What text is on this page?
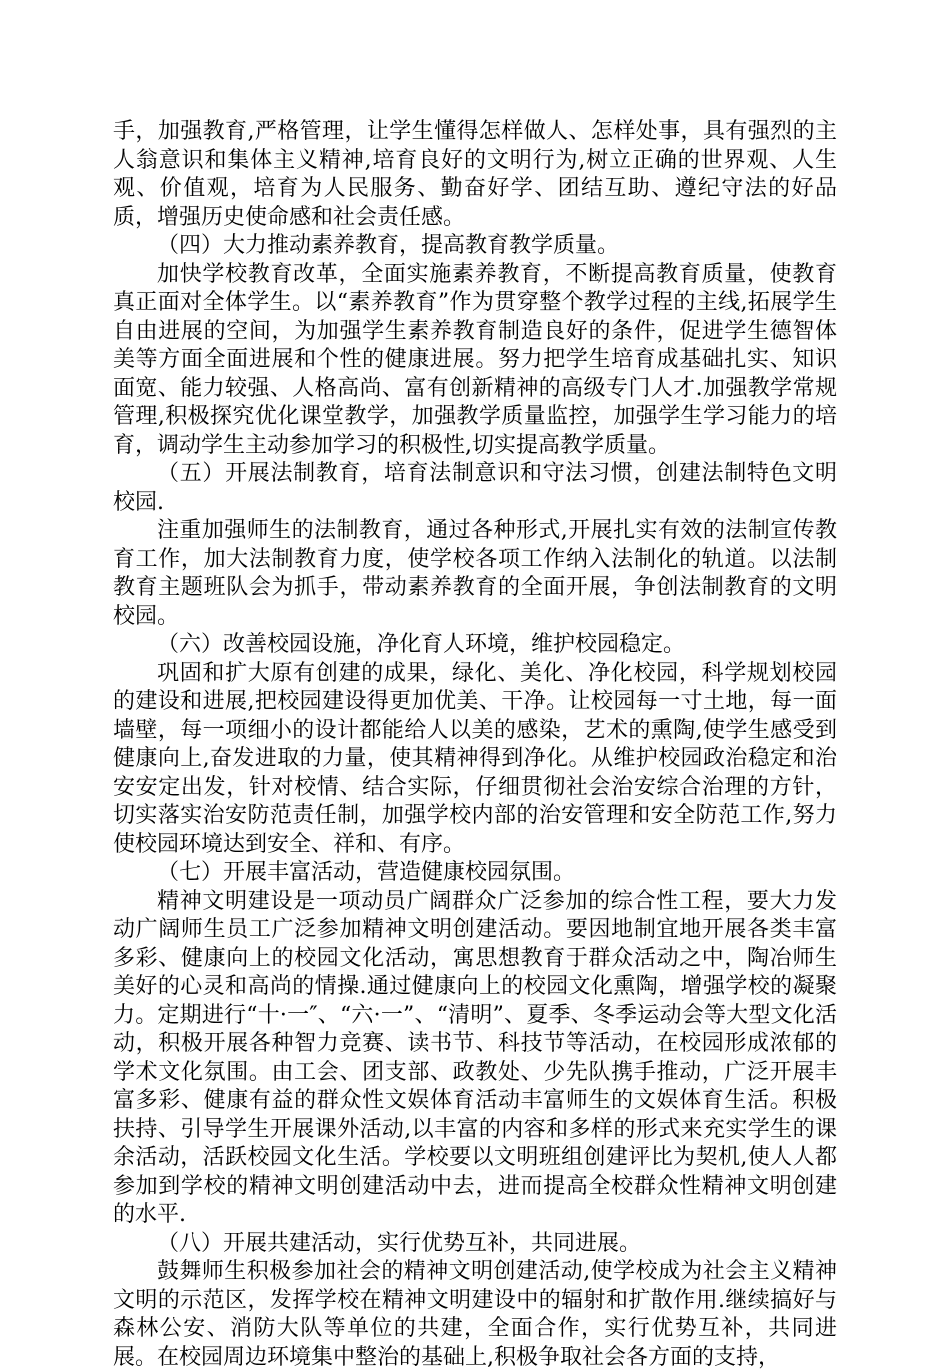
手，加强教育,严格管理，让学生懂得怎样做人、怎样处事，具有强烈的主人翁意识和集体主义精神,培育良好的文明行为,树立正确的世界观、人生观、价值观，培育为人民服务、勤奋好学、团结互助、遵纪守法的好品质，增强历史使命感和社会责任感。

（四）大力推动素养教育，提高教育教学质量。

加快学校教育改革，全面实施素养教育，不断提高教育质量，使教育真正面对全体学生。以“素养教育”作为贯穿整个教学过程的主线,拓展学生自由进展的空间，为加强学生素养教育制造良好的条件，促进学生德智体美等方面全面进展和个性的健康进展。努力把学生培育成基础扎实、知识面宽、能力较强、人格高尚、富有创新精神的高级专门人才.加强教学常规管理,积极探究优化课堂教学，加强教学质量监控，加强学生学习能力的培育，调动学生主动参加学习的积极性,切实提高教学质量。

（五）开展法制教育，培育法制意识和守法习惯，创建法制特色文明校园.

注重加强师生的法制教育，通过各种形式,开展扎实有效的法制宣传教育工作，加大法制教育力度，使学校各项工作纳入法制化的轨道。以法制教育主题班队会为抓手，带动素养教育的全面开展，争创法制教育的文明校园。

（六）改善校园设施，净化育人环境，维护校园稳定。

巩固和扩大原有创建的成果，绿化、美化、净化校园，科学规划校园的建设和进展,把校园建设得更加优美、干净。让校园每一寸土地，每一面墙壁，每一项细小的设计都能给人以美的感染，艺术的熏陶,使学生感受到健康向上,奋发进取的力量，使其精神得到净化。从维护校园政治稳定和治安安定出发，针对校情、结合实际，仔细贯彻社会治安综合治理的方针，切实落实治安防范责任制，加强学校内部的治安管理和安全防范工作,努力使校园环境达到安全、祥和、有序。

（七）开展丰富活动，营造健康校园氛围。

精神文明建设是一项动员广阔群众广泛参加的综合性工程，要大力发动广阔师生员工广泛参加精神文明创建活动。要因地制宜地开展各类丰富多彩、健康向上的校园文化活动，寓思想教育于群众活动之中，陶冶师生美好的心灵和高尚的情操.通过健康向上的校园文化熏陶，增强学校的凝聚力。定期进行“十·一″、“六·一”、“清明”、夏季、冬季运动会等大型文化活动，积极开展各种智力竞赛、读书节、科技节等活动，在校园形成浓郁的学术文化氛围。由工会、团支部、政教处、少先队携手推动，广泛开展丰富多彩、健康有益的群众性文娱体育活动丰富师生的文娱体育生活。积极扶持、引导学生开展课外活动,以丰富的内容和多样的形式来充实学生的课余活动，活跃校园文化生活。学校要以文明班组创建评比为契机,使人人都参加到学校的精神文明创建活动中去，进而提高全校群众性精神文明创建的水平.

（八）开展共建活动，实行优势互补，共同进展。

鼓舞师生积极参加社会的精神文明创建活动,使学校成为社会主义精神文明的示范区，发挥学校在精神文明建设中的辐射和扩散作用.继续搞好与森林公安、消防大队等单位的共建，全面合作，实行优势互补，共同进展。在校园周边环境集中整治的基础上,积极争取社会各方面的支持，
